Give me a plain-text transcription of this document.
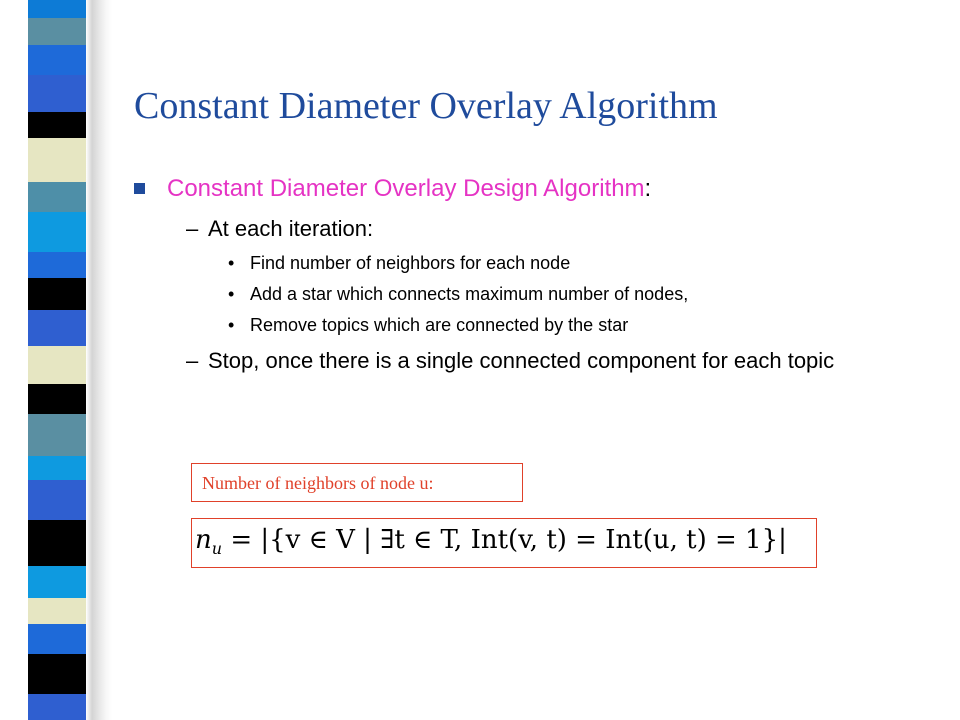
Constant Diameter Overlay Algorithm
Constant Diameter Overlay Design Algorithm:
– At each iteration:
• Find number of neighbors for each node
• Add a star which connects maximum number of nodes,
• Remove topics which are connected by the star
– Stop, once there is a single connected component for each topic
Number of neighbors of node u:
$n_u = |\{v$ ∈ V | ∃t ∈ T, Int(v, t) = Int(u, t) = 1}|
